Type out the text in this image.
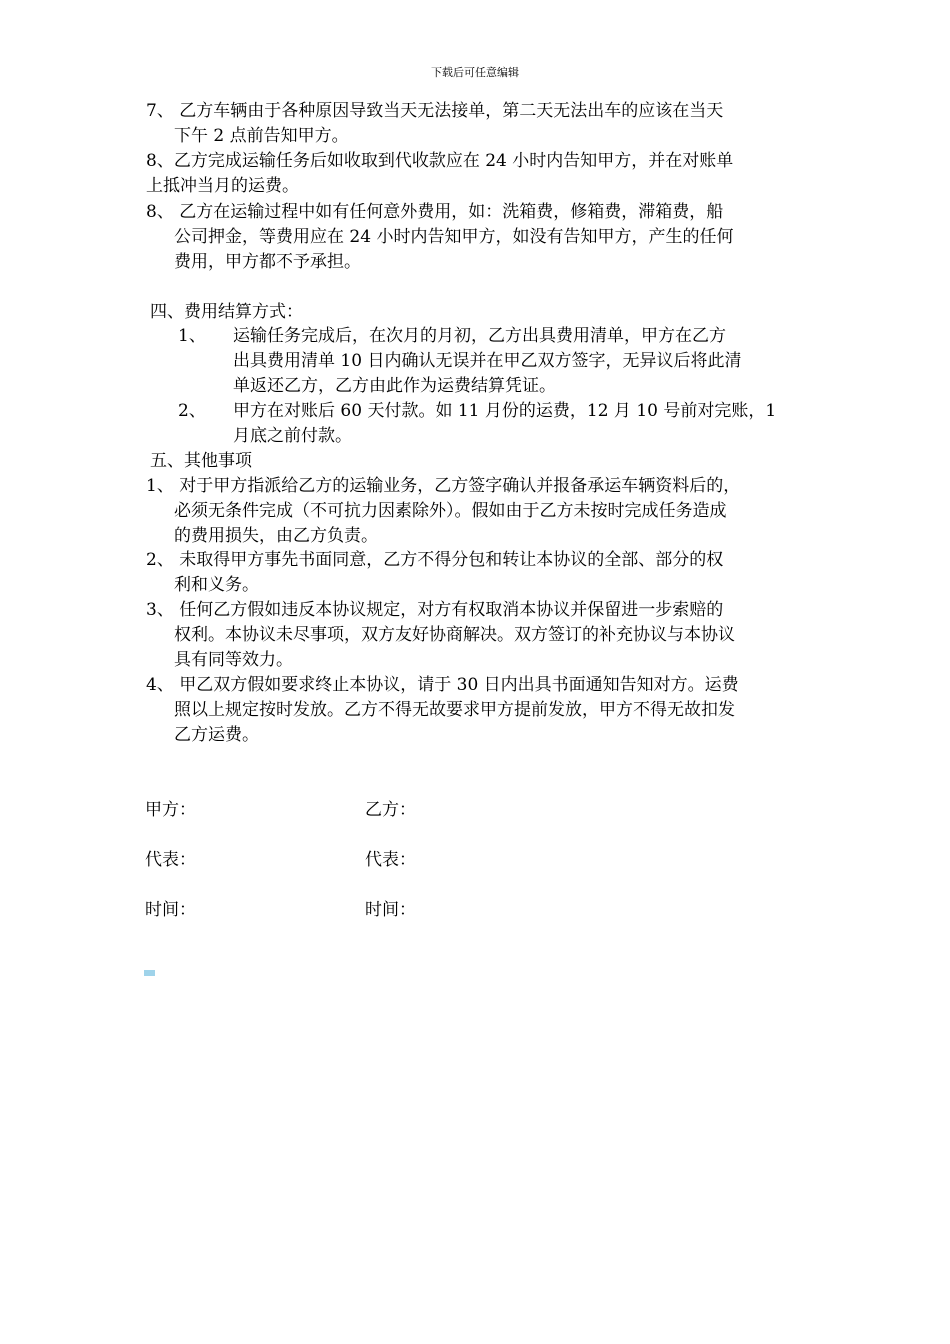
下载后可任意编辑
7、 乙方车辆由于各种原因导致当天无法接单，第二天无法出车的应该在当天
下午 2 点前告知甲方。
8、乙方完成运输任务后如收取到代收款应在 24 小时内告知甲方，并在对账单
上抵冲当月的运费。
8、 乙方在运输过程中如有任何意外费用，如：洗箱费，修箱费，滞箱费，船
公司押金，等费用应在 24 小时内告知甲方，如没有告知甲方，产生的任何
费用，甲方都不予承担。
四、费用结算方式：
1、 运输任务完成后，在次月的月初，乙方出具费用清单，甲方在乙方
出具费用清单 10 日内确认无误并在甲乙双方签字，无异议后将此清
单返还乙方，乙方由此作为运费结算凭证。
2、 甲方在对账后 60 天付款。如 11 月份的运费，12 月 10 号前对完账，1
月底之前付款。
五、其他事项
1、 对于甲方指派给乙方的运输业务，乙方签字确认并报备承运车辆资料后的，
必须无条件完成（不可抗力因素除外）。假如由于乙方未按时完成任务造成
的费用损失，由乙方负责。
2、 未取得甲方事先书面同意，乙方不得分包和转让本协议的全部、部分的权
利和义务。
3、 任何乙方假如违反本协议规定，对方有权取消本协议并保留进一步索赔的
权利。本协议未尽事项，双方友好协商解决。双方签订的补充协议与本协议
具有同等效力。
4、 甲乙双方假如要求终止本协议，请于 30 日内出具书面通知告知对方。运费
照以上规定按时发放。乙方不得无故要求甲方提前发放，甲方不得无故扣发
乙方运费。
甲方：	乙方：
代表：	代表：
时间：	时间：
